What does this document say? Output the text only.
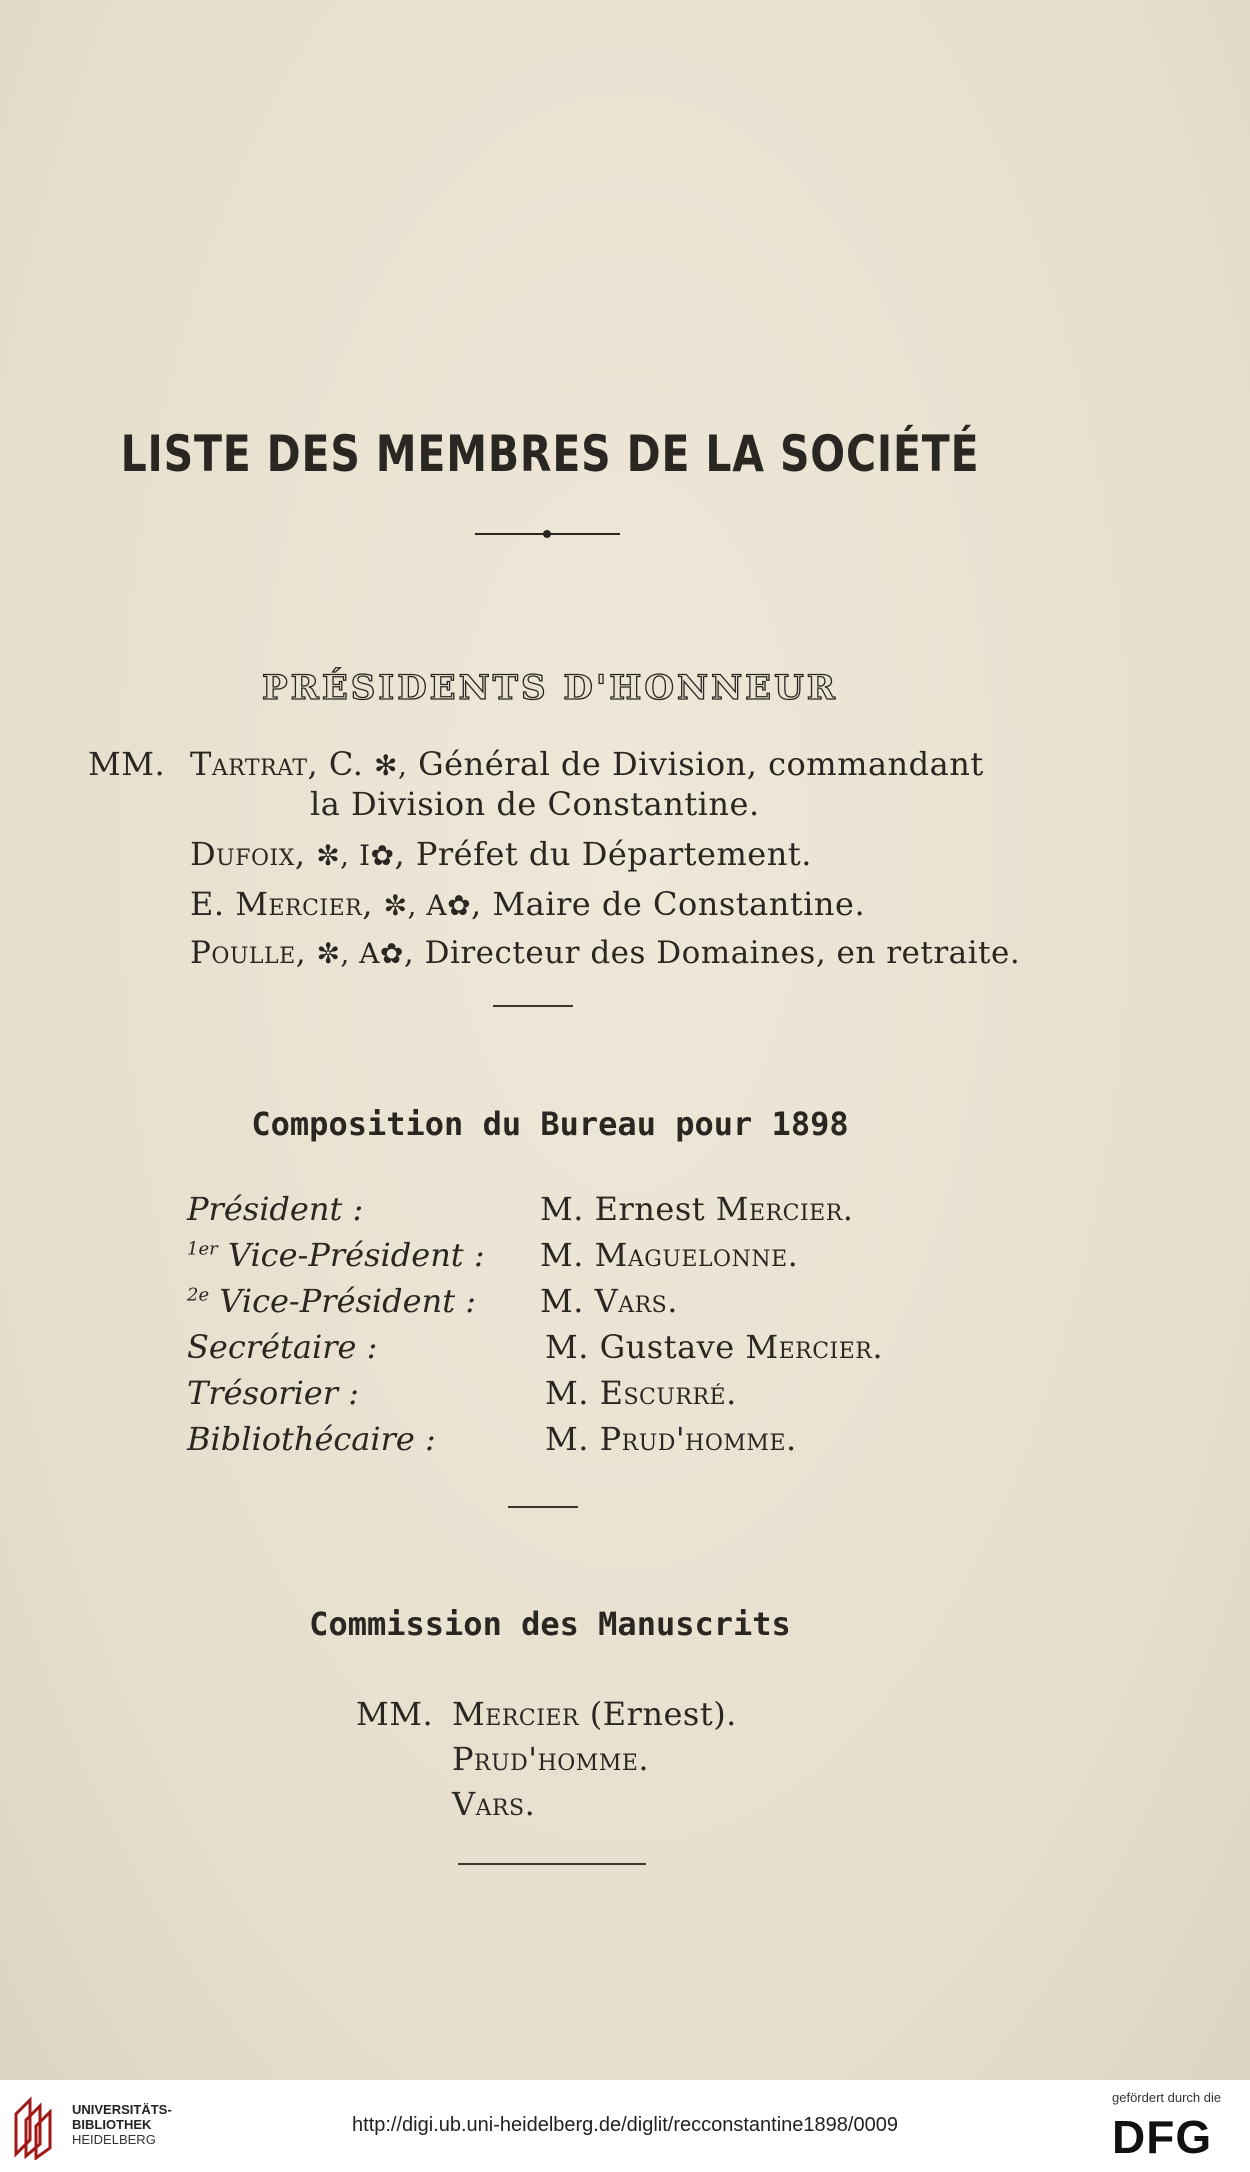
LISTE DES MEMBRES DE LA SOCIÉTÉ
PRÉSIDENTS D'HONNEUR
MM. Tartrat, C. ✻, Général de Division, commandant
la Division de Constantine.
Dufoix, ✼, I✿, Préfet du Département.
E. Mercier, ✼, A✿, Maire de Constantine.
Poulle, ✼, A✿, Directeur des Domaines, en retraite.
Composition du Bureau pour 1898
Président :	M. Ernest Mercier.
$^{1er}$ Vice-Président : M. Maguelonne.
$^{2e}$ Vice-Président : M. Vars.
Secrétaire :	M. Gustave Mercier.
Trésorier :	M. Escurré.
Bibliothécaire :	M. Prud'homme.
Commission des Manuscrits
MM. Mercier (Ernest).
Prud'homme.
Vars.
UNIVERSITÄTS-
BIBLIOTHEK
HEIDELBERG
http://digi.ub.uni-heidelberg.de/diglit/recconstantine1898/0009
gefördert durch die
DFG
